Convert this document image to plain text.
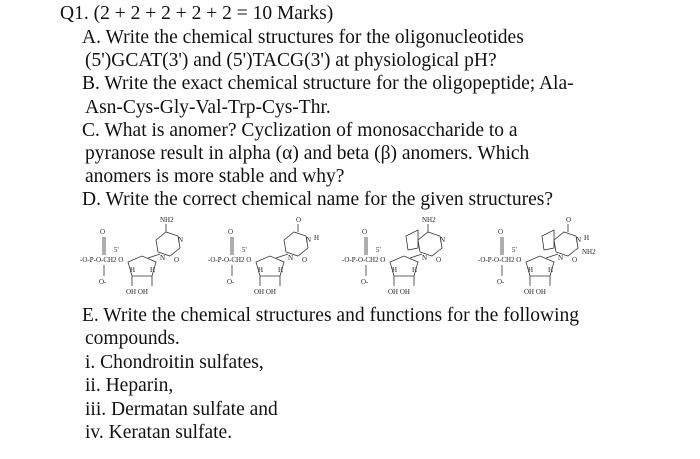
Q1. (2 + 2 + 2 + 2 + 2 = 10 Marks)
A. Write the chemical structures for the oligonucleotides
(5')GCAT(3') and (5')TACG(3') at physiological pH?
B. Write the exact chemical structure for the oligopeptide; Ala-
Asn-Cys-Gly-Val-Trp-Cys-Thr.
C. What is anomer? Cyclization of monosaccharide to a
pyranose result in alpha (α) and beta (β) anomers. Which
anomers is more stable and why?
D. Write the correct chemical name for the given structures?
-O-P-O-CH2 O
O
O-
5'
H H
OH OH
N
N
NH2
O	-O-P-O-CH2 O
O
O-
5'
H H
OH OH
N
N
O
H
O	-O-P-O-CH2 O
O
O-
5'
H H
OH OH
N
N
NH2
O	-O-P-O-CH2 O
O
O-
5'
H H
OH OH
N
N
O
H
NH2
O
E. Write the chemical structures and functions for the following
compounds.
i. Chondroitin sulfates,
ii. Heparin,
iii. Dermatan sulfate and
iv. Keratan sulfate.
